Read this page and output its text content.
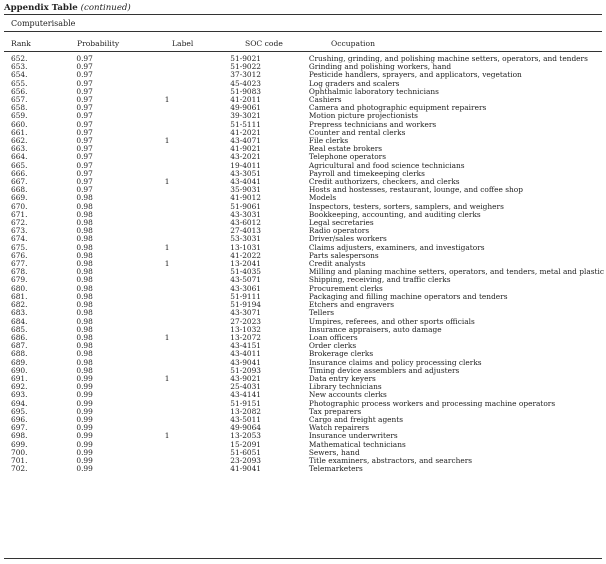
Appendix Table (continued)
Computerisable
Rank	Probability	Label	SOC code	Occupation
652.	0.97		51-9021	Crushing, grinding, and polishing machine setters, operators, and tenders
653.	0.97		51-9022	Grinding and polishing workers, hand
654.	0.97		37-3012	Pesticide handlers, sprayers, and applicators, vegetation
655.	0.97		45-4023	Log graders and scalers
656.	0.97		51-9083	Ophthalmic laboratory technicians
657.	0.97	1	41-2011	Cashiers
658.	0.97		49-9061	Camera and photographic equipment repairers
659.	0.97		39-3021	Motion picture projectionists
660.	0.97		51-5111	Prepress technicians and workers
661.	0.97		41-2021	Counter and rental clerks
662.	0.97	1	43-4071	File clerks
663.	0.97		41-9021	Real estate brokers
664.	0.97		43-2021	Telephone operators
665.	0.97		19-4011	Agricultural and food science technicians
666.	0.97		43-3051	Payroll and timekeeping clerks
667.	0.97	1	43-4041	Credit authorizers, checkers, and clerks
668.	0.97		35-9031	Hosts and hostesses, restaurant, lounge, and coffee shop
669.	0.98		41-9012	Models
670.	0.98		51-9061	Inspectors, testers, sorters, samplers, and weighers
671.	0.98		43-3031	Bookkeeping, accounting, and auditing clerks
672.	0.98		43-6012	Legal secretaries
673.	0.98		27-4013	Radio operators
674.	0.98		53-3031	Driver/sales workers
675.	0.98	1	13-1031	Claims adjusters, examiners, and investigators
676.	0.98		41-2022	Parts salespersons
677.	0.98	1	13-2041	Credit analysts
678.	0.98		51-4035	Milling and planing machine setters, operators, and tenders, metal and plastic
679.	0.98		43-5071	Shipping, receiving, and traffic clerks
680.	0.98		43-3061	Procurement clerks
681.	0.98		51-9111	Packaging and filling machine operators and tenders
682.	0.98		51-9194	Etchers and engravers
683.	0.98		43-3071	Tellers
684.	0.98		27-2023	Umpires, referees, and other sports officials
685.	0.98		13-1032	Insurance appraisers, auto damage
686.	0.98	1	13-2072	Loan officers
687.	0.98		43-4151	Order clerks
688.	0.98		43-4011	Brokerage clerks
689.	0.98		43-9041	Insurance claims and policy processing clerks
690.	0.98		51-2093	Timing device assemblers and adjusters
691.	0.99	1	43-9021	Data entry keyers
692.	0.99		25-4031	Library technicians
693.	0.99		43-4141	New accounts clerks
694.	0.99		51-9151	Photographic process workers and processing machine operators
695.	0.99		13-2082	Tax preparers
696.	0.99		43-5011	Cargo and freight agents
697.	0.99		49-9064	Watch repairers
698.	0.99	1	13-2053	Insurance underwriters
699.	0.99		15-2091	Mathematical technicians
700.	0.99		51-6051	Sewers, hand
701.	0.99		23-2093	Title examiners, abstractors, and searchers
702.	0.99		41-9041	Telemarketers
